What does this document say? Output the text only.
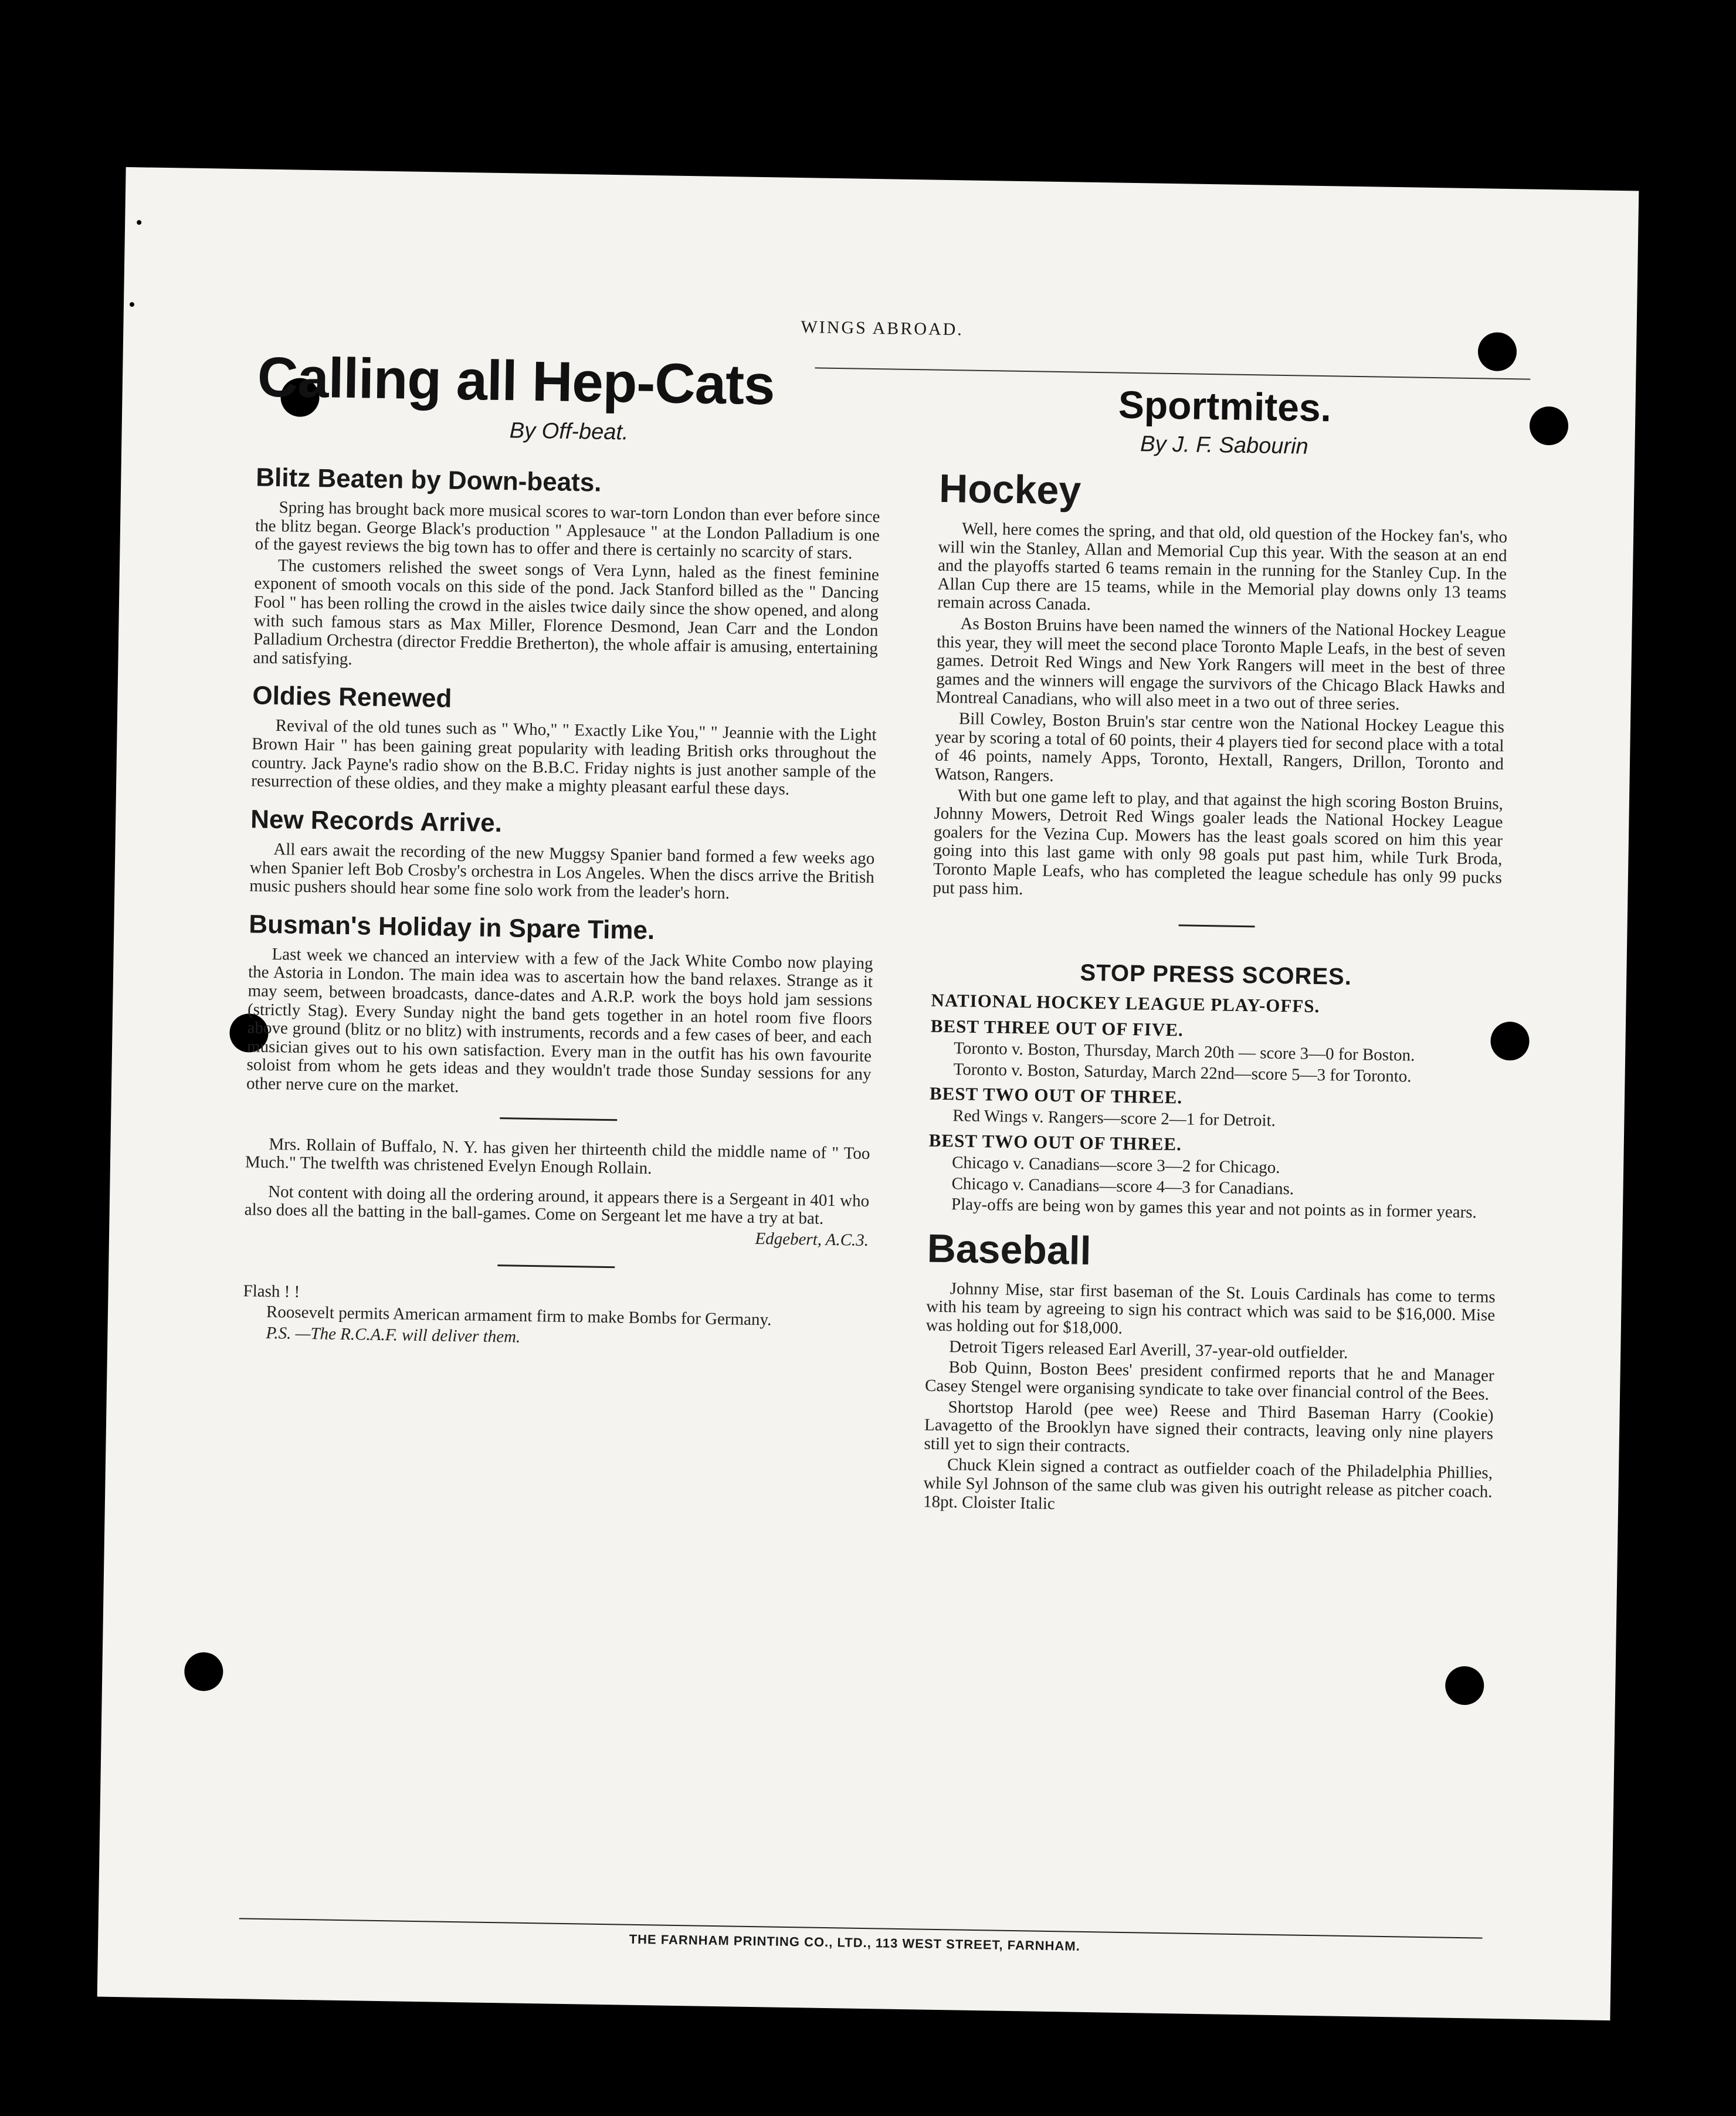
WINGS ABROAD.
Calling all Hep-Cats
By Off-beat.
Blitz Beaten by Down-beats.

Spring has brought back more musical scores to war-torn London than ever before since the blitz began. George Black's production " Applesauce " at the London Palladium is one of the gayest reviews the big town has to offer and there is certainly no scarcity of stars.

The customers relished the sweet songs of Vera Lynn, haled as the finest feminine exponent of smooth vocals on this side of the pond. Jack Stanford billed as the " Dancing Fool " has been rolling the crowd in the aisles twice daily since the show opened, and along with such famous stars as Max Miller, Florence Desmond, Jean Carr and the London Palladium Orchestra (director Freddie Bretherton), the whole affair is amusing, entertaining and satisfying.

Oldies Renewed

Revival of the old tunes such as " Who," " Exactly Like You," " Jeannie with the Light Brown Hair " has been gaining great popularity with leading British orks throughout the country. Jack Payne's radio show on the B.B.C. Friday nights is just another sample of the resurrection of these oldies, and they make a mighty pleasant earful these days.

New Records Arrive.

All ears await the recording of the new Muggsy Spanier band formed a few weeks ago when Spanier left Bob Crosby's orchestra in Los Angeles. When the discs arrive the British music pushers should hear some fine solo work from the leader's horn.

Busman's Holiday in Spare Time.

Last week we chanced an interview with a few of the Jack White Combo now playing the Astoria in London. The main idea was to ascertain how the band relaxes. Strange as it may seem, between broadcasts, dance-dates and A.R.P. work the boys hold jam sessions (strictly Stag). Every Sunday night the band gets together in an hotel room five floors above ground (blitz or no blitz) with instruments, records and a few cases of beer, and each musician gives out to his own satisfaction. Every man in the outfit has his own favourite soloist from whom he gets ideas and they wouldn't trade those Sunday sessions for any other nerve cure on the market.

Mrs. Rollain of Buffalo, N. Y. has given her thirteenth child the middle name of " Too Much." The twelfth was christened Evelyn Enough Rollain.

Not content with doing all the ordering around, it appears there is a Sergeant in 401 who also does all the batting in the ball-games. Come on Sergeant let me have a try at bat.

Edgebert, A.C.3.

Flash ! !

Roosevelt permits American armament firm to make Bombs for Germany.

P.S. —The R.C.A.F. will deliver them.

Sportmites.
By J. F. Sabourin
Hockey

Well, here comes the spring, and that old, old question of the Hockey fan's, who will win the Stanley, Allan and Memorial Cup this year. With the season at an end and the playoffs started 6 teams remain in the running for the Stanley Cup. In the Allan Cup there are 15 teams, while in the Memorial play downs only 13 teams remain across Canada.

As Boston Bruins have been named the winners of the National Hockey League this year, they will meet the second place Toronto Maple Leafs, in the best of seven games. Detroit Red Wings and New York Rangers will meet in the best of three games and the winners will engage the survivors of the Chicago Black Hawks and Montreal Canadians, who will also meet in a two out of three series.

Bill Cowley, Boston Bruin's star centre won the National Hockey League this year by scoring a total of 60 points, their 4 players tied for second place with a total of 46 points, namely Apps, Toronto, Hextall, Rangers, Drillon, Toronto and Watson, Rangers.

With but one game left to play, and that against the high scoring Boston Bruins, Johnny Mowers, Detroit Red Wings goaler leads the National Hockey League goalers for the Vezina Cup. Mowers has the least goals scored on him this year going into this last game with only 98 goals put past him, while Turk Broda, Toronto Maple Leafs, who has completed the league schedule has only 99 pucks put pass him.

STOP PRESS SCORES.
NATIONAL HOCKEY LEAGUE PLAY-OFFS.
BEST THREE OUT OF FIVE.

Toronto v. Boston, Thursday, March 20th — score 3—0 for Boston.

Toronto v. Boston, Saturday, March 22nd—score 5—3 for Toronto.

BEST TWO OUT OF THREE.

Red Wings v. Rangers—score 2—1 for Detroit.

BEST TWO OUT OF THREE.

Chicago v. Canadians—score 3—2 for Chicago.

Chicago v. Canadians—score 4—3 for Canadians.

Play-offs are being won by games this year and not points as in former years.

Baseball

Johnny Mise, star first baseman of the St. Louis Cardinals has come to terms with his team by agreeing to sign his contract which was said to be $16,000. Mise was holding out for $18,000.

Detroit Tigers released Earl Averill, 37-year-old outfielder.

Bob Quinn, Boston Bees' president confirmed reports that he and Manager Casey Stengel were organising syndicate to take over financial control of the Bees.

Shortstop Harold (pee wee) Reese and Third Baseman Harry (Cookie) Lavagetto of the Brooklyn have signed their contracts, leaving only nine players still yet to sign their contracts.

Chuck Klein signed a contract as outfielder coach of the Philadelphia Phillies, while Syl Johnson of the same club was given his outright release as pitcher coach. 18pt. Cloister Italic

THE FARNHAM PRINTING CO., LTD., 113 WEST STREET, FARNHAM.
